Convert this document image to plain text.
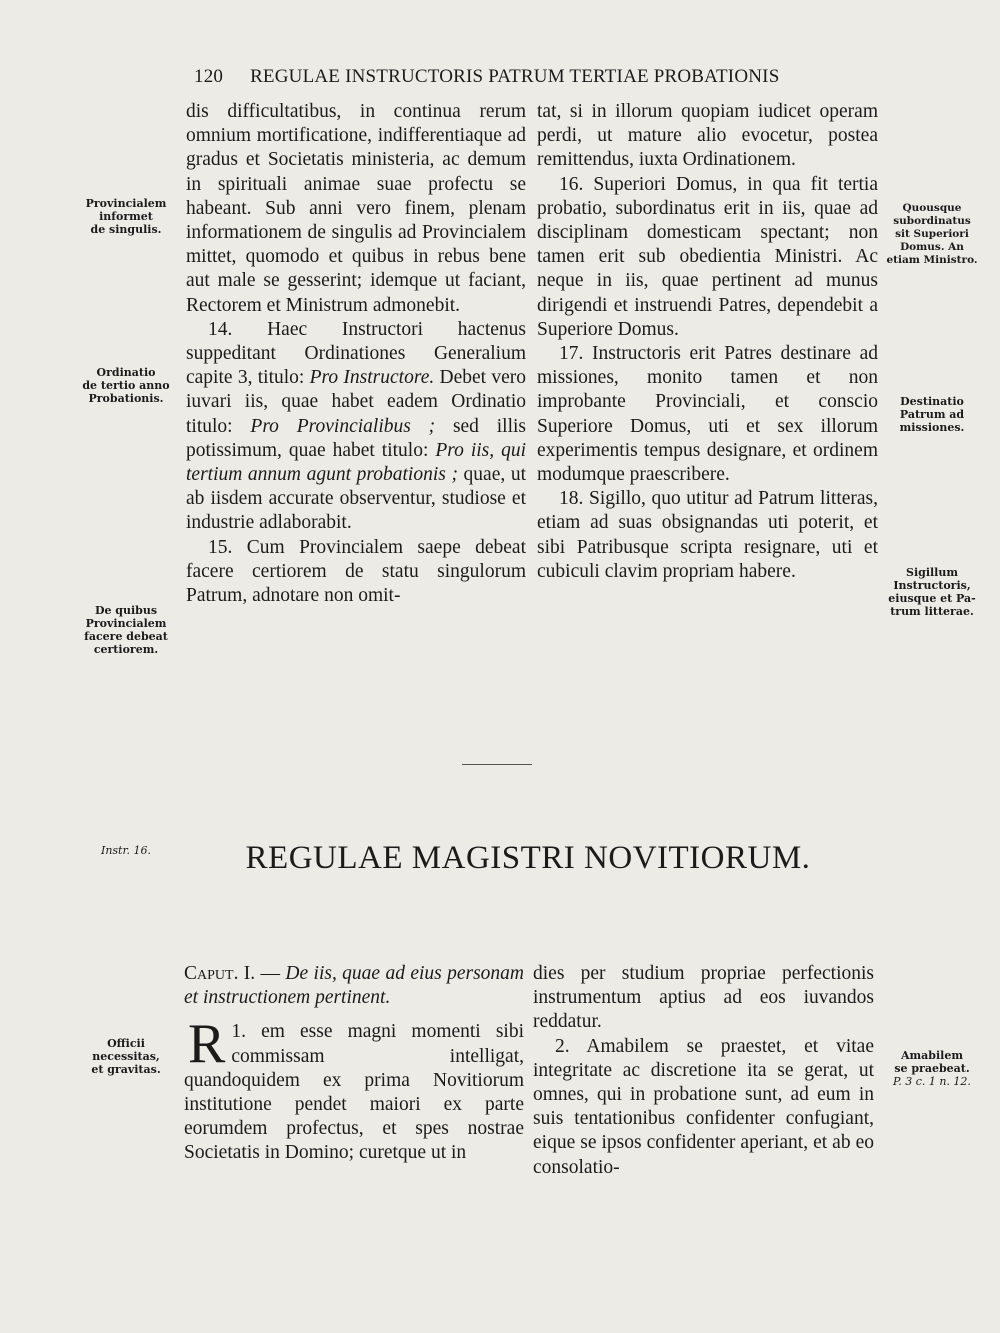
120 REGULAE INSTRUCTORIS PATRUM TERTIAE PROBATIONIS

dis difficultatibus, in continua rerum omnium mortificatione, indifferentiaque ad gradus et Societatis ministeria, ac demum in spirituali animae suae profectu se habeant. Sub anni vero finem, plenam informationem de singulis ad Provincialem mittet, quomodo et quibus in rebus bene aut male se gesserint; idemque ut faciant, Rectorem et Ministrum admonebit.

14. Haec Instructori hactenus suppeditant Ordinationes Generalium capite 3, titulo: Pro Instructore. Debet vero iuvari iis, quae habet eadem Ordinatio titulo: Pro Provincialibus ; sed illis potissimum, quae habet titulo: Pro iis, qui tertium annum agunt probationis ; quae, ut ab iisdem accurate observentur, studiose et industrie adlaborabit.

15. Cum Provincialem saepe debeat facere certiorem de statu singulorum Patrum, adnotare non omit-

tat, si in illorum quopiam iudicet operam perdi, ut mature alio evocetur, postea remittendus, iuxta Ordinationem.

16. Superiori Domus, in qua fit tertia probatio, subordinatus erit in iis, quae ad disciplinam domesticam spectant; non tamen erit sub obedientia Ministri. Ac neque in iis, quae pertinent ad munus dirigendi et instruendi Patres, dependebit a Superiore Domus.

17. Instructoris erit Patres destinare ad missiones, monito tamen et non improbante Provinciali, et conscio Superiore Domus, uti et sex illorum experimentis tempus designare, et ordinem modumque praescribere.

18. Sigillo, quo utitur ad Patrum litteras, etiam ad suas obsignandas uti poterit, et sibi Patribusque scripta resignare, uti et cubiculi clavim propriam habere.

REGULAE MAGISTRI NOVITIORUM.

Caput. I. — De iis, quae ad eius personam et instructionem pertinent.

1.
R em esse magni momenti sibi commissam intelligat, quandoquidem ex prima Novitiorum institutione pendet maiori ex parte eorumdem profectus, et spes nostrae Societatis in Domino; curetque ut in

dies per studium propriae perfectionis instrumentum aptius ad eos iuvandos reddatur.

2. Amabilem se praestet, et vitae integritate ac discretione ita se gerat, ut omnes, qui in probatione sunt, ad eum in suis tentationibus confidenter confugiant, eique se ipsos confidenter aperiant, et ab eo consolatio-

Provincialem
informet
de singulis.
Ordinatio
de tertio anno
Probationis.
De quibus
Provincialem
facere debeat
certiorem.
Instr. 16.
Officii
necessitas,
et gravitas.
Quousque
subordinatus
sit Superiori
Domus. An
etiam Ministro.
Destinatio
Patrum ad
missiones.
Sigillum
Instructoris,
eiusque et Pa-
trum litterae.
Amabilem
se praebeat.
P. 3 c. 1 n. 12.
